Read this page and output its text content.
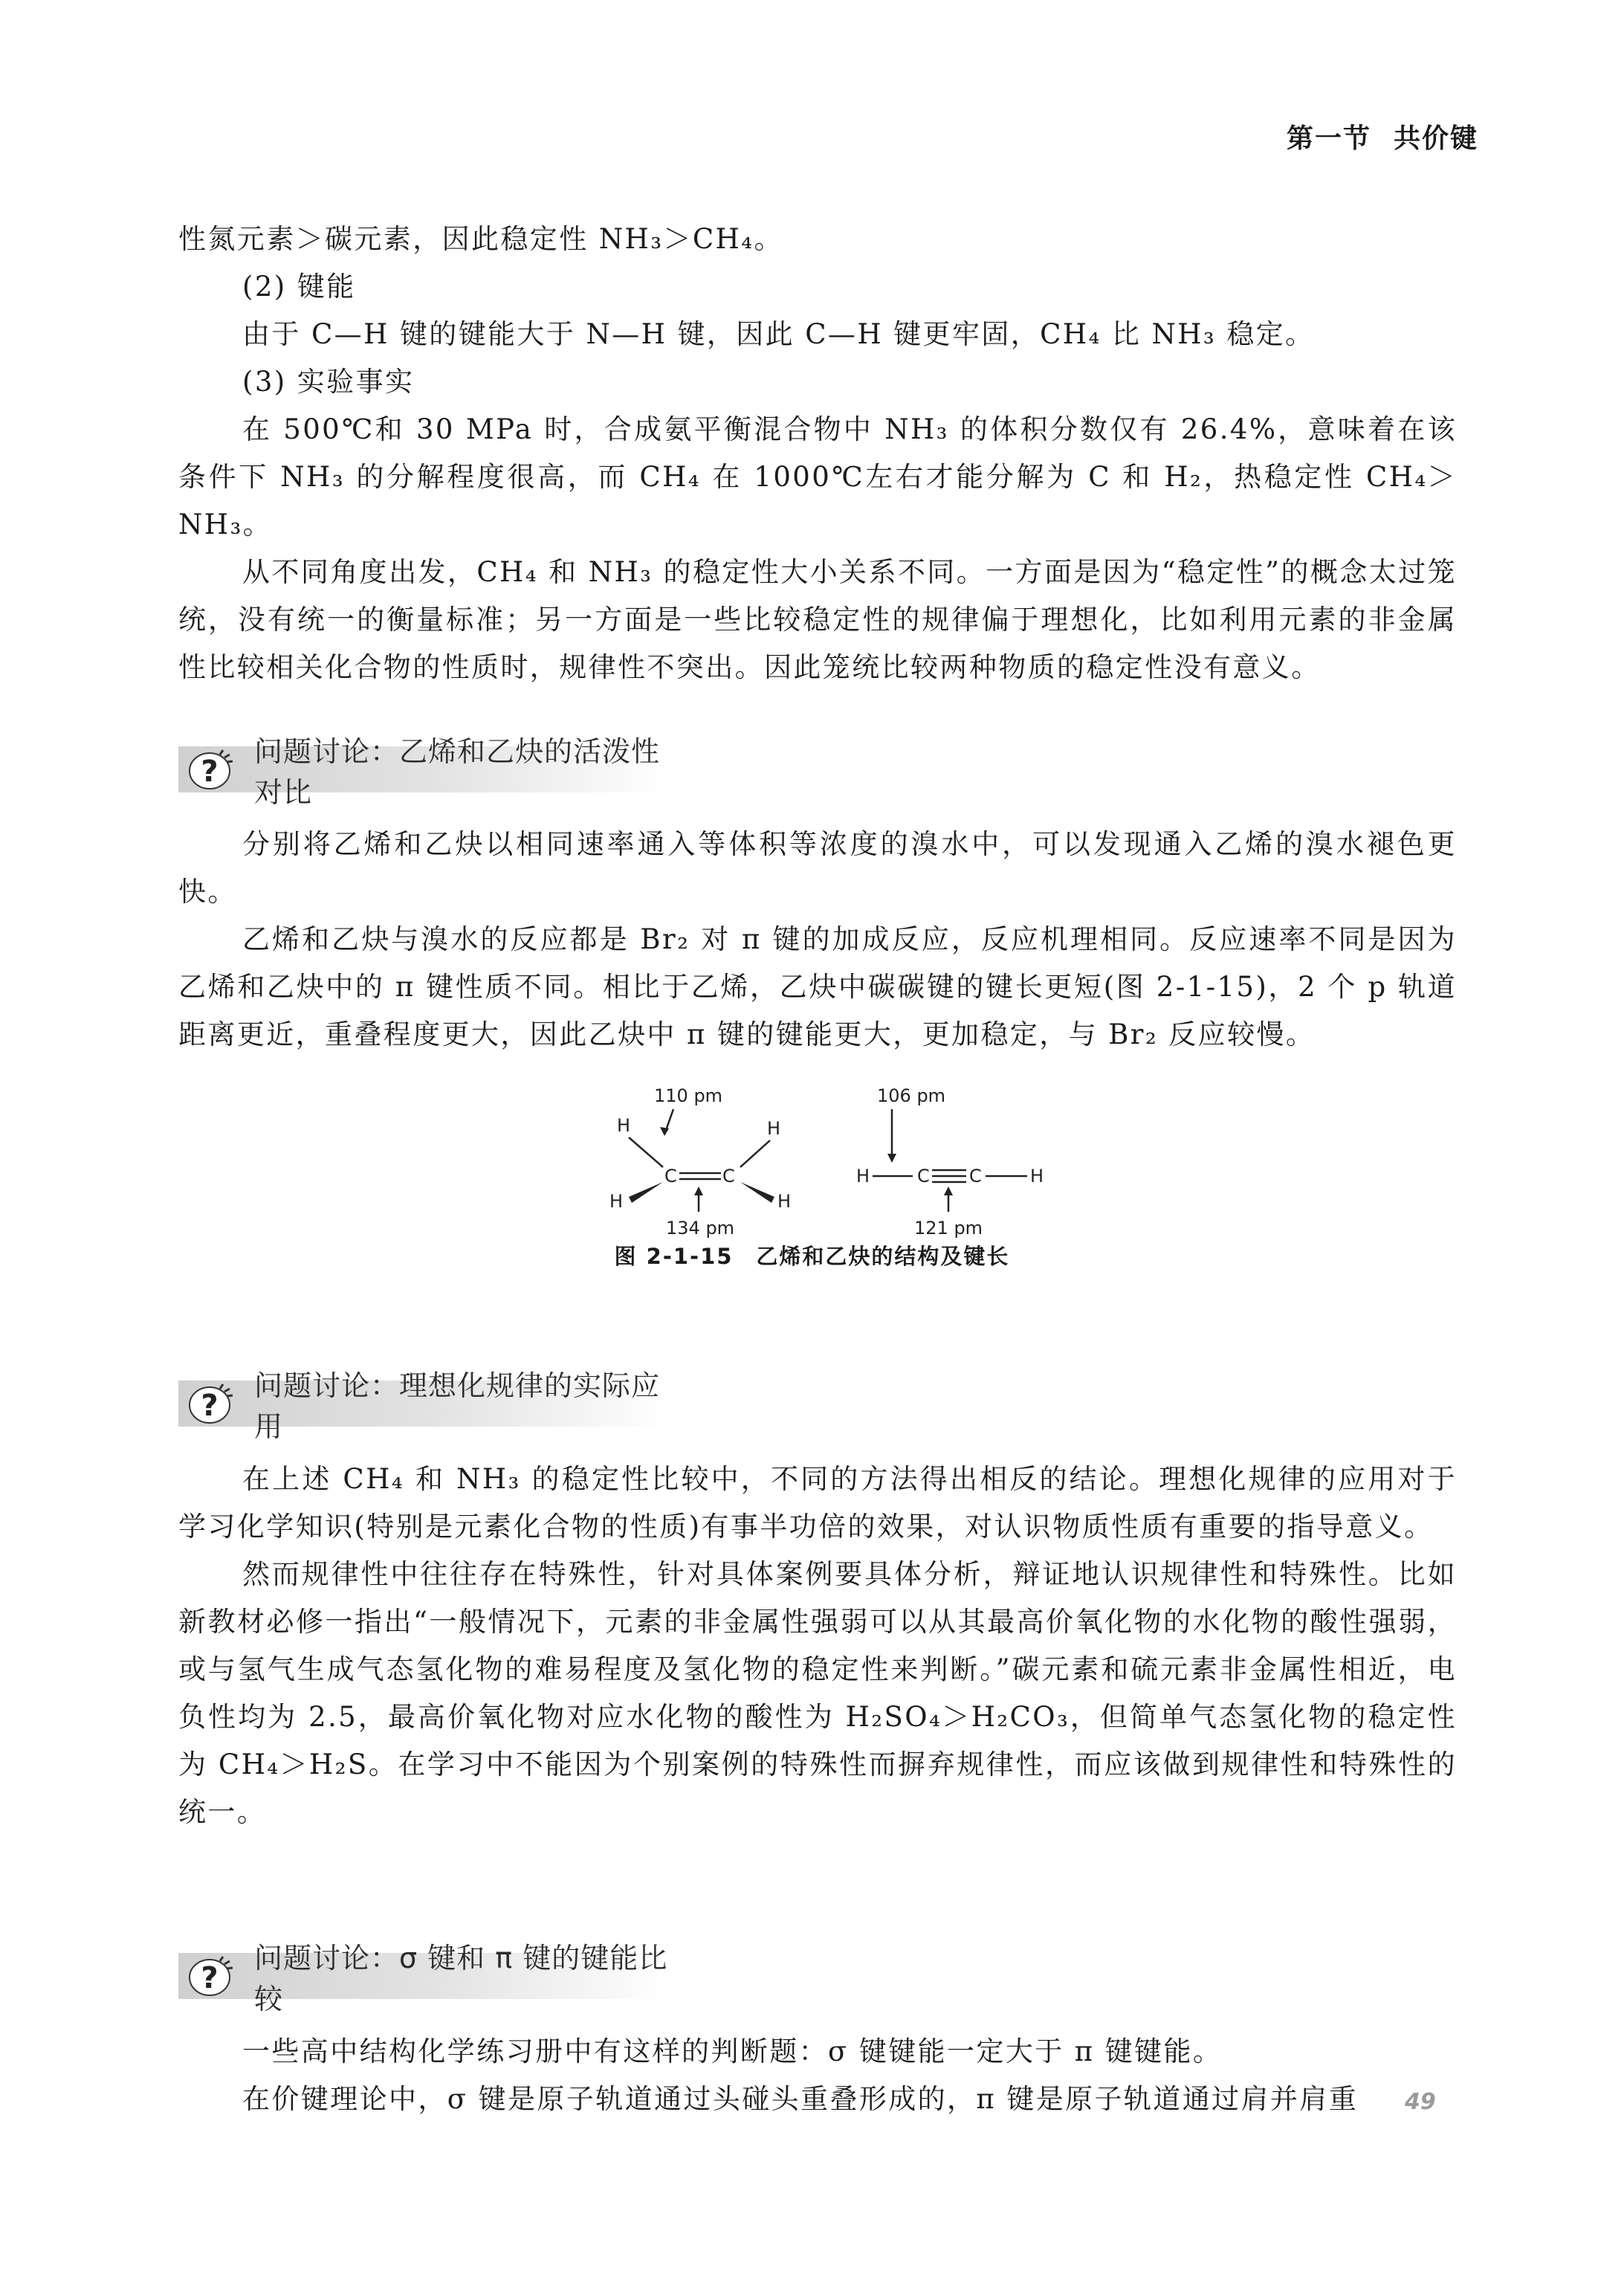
第一节 共价键

性氮元素＞碳元素，因此稳定性 NH₃＞CH₄。

(2) 键能

由于 C—H 键的键能大于 N—H 键，因此 C—H 键更牢固，CH₄ 比 NH₃ 稳定。

(3) 实验事实

在 500℃和 30 MPa 时，合成氨平衡混合物中 NH₃ 的体积分数仅有 26.4%，意味着在该条件下 NH₃ 的分解程度很高，而 CH₄ 在 1000℃左右才能分解为 C 和 H₂，热稳定性 CH₄＞NH₃。

从不同角度出发，CH₄ 和 NH₃ 的稳定性大小关系不同。一方面是因为“稳定性”的概念太过笼统，没有统一的衡量标准；另一方面是一些比较稳定性的规律偏于理想化，比如利用元素的非金属性比较相关化合物的性质时，规律性不突出。因此笼统比较两种物质的稳定性没有意义。

?
问题讨论：乙烯和乙炔的活泼性对比

分别将乙烯和乙炔以相同速率通入等体积等浓度的溴水中，可以发现通入乙烯的溴水褪色更快。

乙烯和乙炔与溴水的反应都是 Br₂ 对 π 键的加成反应，反应机理相同。反应速率不同是因为乙烯和乙炔中的 π 键性质不同。相比于乙烯，乙炔中碳碳键的键长更短(图 2-1-15)，2 个 p 轨道距离更近，重叠程度更大，因此乙炔中 π 键的键能更大，更加稳定，与 Br₂ 反应较慢。

110 pm
H	H
H	H
C	C
134 pm
106 pm
H	C C	H
121 pm
图 2-1-15　乙烯和乙炔的结构及键长
?
问题讨论：理想化规律的实际应用

在上述 CH₄ 和 NH₃ 的稳定性比较中，不同的方法得出相反的结论。理想化规律的应用对于学习化学知识(特别是元素化合物的性质)有事半功倍的效果，对认识物质性质有重要的指导意义。

然而规律性中往往存在特殊性，针对具体案例要具体分析，辩证地认识规律性和特殊性。比如新教材必修一指出“一般情况下，元素的非金属性强弱可以从其最高价氧化物的水化物的酸性强弱，或与氢气生成气态氢化物的难易程度及氢化物的稳定性来判断。”碳元素和硫元素非金属性相近，电负性均为 2.5，最高价氧化物对应水化物的酸性为 H₂SO₄＞H₂CO₃，但简单气态氢化物的稳定性为 CH₄＞H₂S。在学习中不能因为个别案例的特殊性而摒弃规律性，而应该做到规律性和特殊性的统一。

?
问题讨论：σ 键和 π 键的键能比较

一些高中结构化学练习册中有这样的判断题：σ 键键能一定大于 π 键键能。

在价键理论中，σ 键是原子轨道通过头碰头重叠形成的，π 键是原子轨道通过肩并肩重	49
